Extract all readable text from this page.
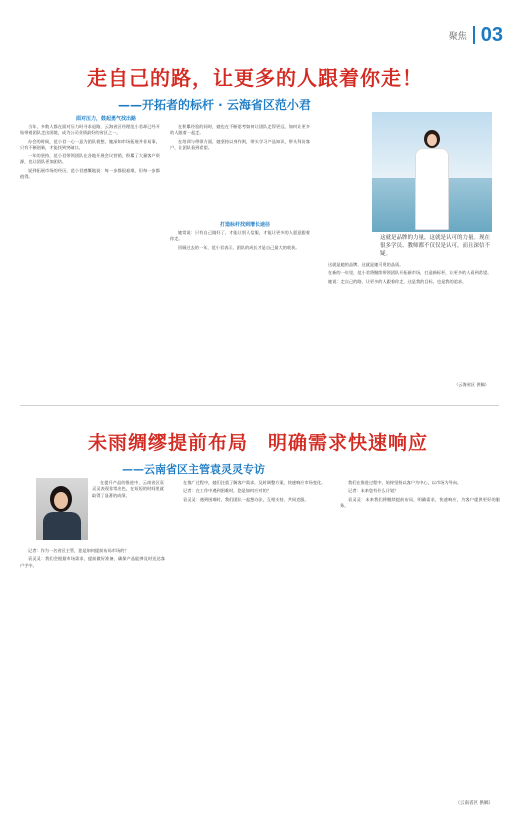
聚焦 03
走自己的路，让更多的人跟着你走！
——开拓者的标杆 · 云海省区范小君
面对压力，鼓起勇气找出路

当年，多数人都在面对压力时寻求退路，云海省区经理范小君却已经开始带着团队走出困境，成为公司业绩最好的省区之一。

办会的时候，范小君一心一意为团队着想，她深知市场拓展并非易事，只有不断创新，才能找到突破口。

一年的坚持，范小君带领团队在各地开展会议营销，积累了大量客户资源，也让团队更加团结。

说到拓展市场的经历，范小君感慨地说：每一步都很艰难，但每一步都值得。

打造标杆找到增长途径

在积累经验的同时，她也在不断思考如何让团队走得更远，如何让更多的人跟着一起走。

在培训与带领方面，她坚持以身作则，带头学习产品知识，带头拜访客户，让团队看到希望。

她常说：只有自己做好了，才能让别人信服，才能让更多的人愿意跟着你走。

回顾过去的一年，范小君表示，团队的成长才是自己最大的收获。

这就是品牌的力量，这就是认可的力量。现在很多学员、教师都不仅仅是认可，而且深信不疑。

这就是她的品牌，这就是她可贵的品质。

在新的一年里，范小君将继续带领团队开拓新市场，打造新标杆，让更多的人看到希望。

她说：走自己的路，让更多的人跟着你走，这是我的目标，也是我的追求。

（云海省区 供稿）
未雨绸缪提前布局　明确需求快速响应
——云南省区主管袁灵灵专访

在提升产品的推进中，云南省区袁灵灵表现非常出色，在短短的时间里就取得了显著的成绩。

记者：作为一名省区主管，您是如何提前布局市场的？

袁灵灵：我们会根据市场需求，提前做好准备，确保产品能够及时送达客户手中。

在推广过程中，她们注重了解客户需求，及时调整方案，快速响应市场变化。

记者：在工作中遇到困难时，您是如何应对的？

袁灵灵：遇到困难时，我们团队一起想办法，互相支持，共同克服。

我们在推进过程中，始终坚持以客户为中心，以市场为导向。

记者：未来您有什么计划？

袁灵灵：未来我们将继续提前布局，明确需求，快速响应，为客户提供更好的服务。

（云南省区 供稿）
